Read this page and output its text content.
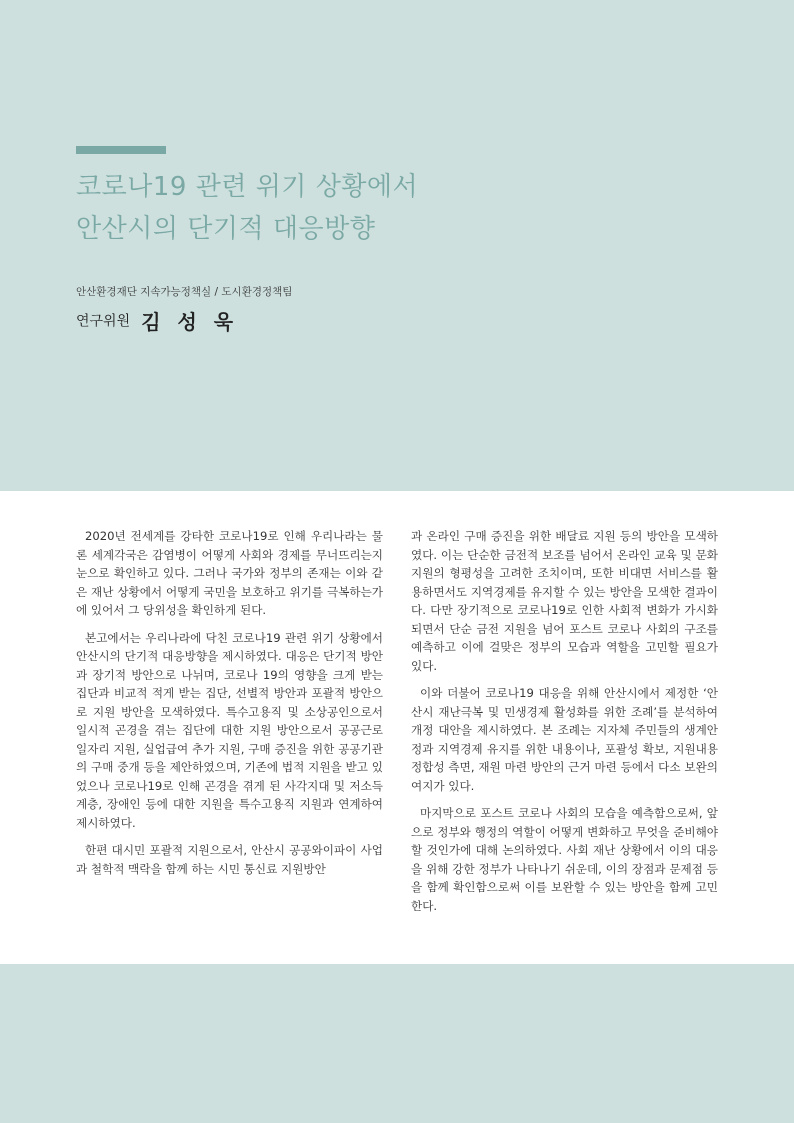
코로나19 관련 위기 상황에서
안산시의 단기적 대응방향
안산환경재단 지속가능정책실 / 도시환경정책팀
연구위원 김 성 욱

2020년 전세계를 강타한 코로나19로 인해 우리나라는 물론 세계각국은 감염병이 어떻게 사회와 경제를 무너뜨리는지 눈으로 확인하고 있다. 그러나 국가와 정부의 존재는 이와 같은 재난 상황에서 어떻게 국민을 보호하고 위기를 극복하는가에 있어서 그 당위성을 확인하게 된다.

본고에서는 우리나라에 닥친 코로나19 관련 위기 상황에서 안산시의 단기적 대응방향을 제시하였다. 대응은 단기적 방안과 장기적 방안으로 나뉘며, 코로나 19의 영향을 크게 받는 집단과 비교적 적게 받는 집단, 선별적 방안과 포괄적 방안으로 지원 방안을 모색하였다. 특수고용직 및 소상공인으로서 일시적 곤경을 겪는 집단에 대한 지원 방안으로서 공공근로 일자리 지원, 실업급여 추가 지원, 구매 증진을 위한 공공기관의 구매 중개 등을 제안하였으며, 기존에 법적 지원을 받고 있었으나 코로나19로 인해 곤경을 겪게 된 사각지대 및 저소득계층, 장애인 등에 대한 지원을 특수고용직 지원과 연계하여 제시하였다.

한편 대시민 포괄적 지원으로서, 안산시 공공와이파이 사업과 철학적 맥락을 함께 하는 시민 통신료 지원방안

과 온라인 구매 증진을 위한 배달료 지원 등의 방안을 모색하였다. 이는 단순한 금전적 보조를 넘어서 온라인 교육 및 문화 지원의 형평성을 고려한 조치이며, 또한 비대면 서비스를 활용하면서도 지역경제를 유지할 수 있는 방안을 모색한 결과이다. 다만 장기적으로 코로나19로 인한 사회적 변화가 가시화되면서 단순 금전 지원을 넘어 포스트 코로나 사회의 구조를 예측하고 이에 걸맞은 정부의 모습과 역할을 고민할 필요가 있다.

이와 더불어 코로나19 대응을 위해 안산시에서 제정한 ‘안산시 재난극복 및 민생경제 활성화를 위한 조례’를 분석하여 개정 대안을 제시하였다. 본 조례는 지자체 주민들의 생계안정과 지역경제 유지를 위한 내용이나, 포괄성 확보, 지원내용 정합성 측면, 재원 마련 방안의 근거 마련 등에서 다소 보완의 여지가 있다.

마지막으로 포스트 코로나 사회의 모습을 예측함으로써, 앞으로 정부와 행정의 역할이 어떻게 변화하고 무엇을 준비해야 할 것인가에 대해 논의하였다. 사회 재난 상황에서 이의 대응을 위해 강한 정부가 나타나기 쉬운데, 이의 장점과 문제점 등을 함께 확인함으로써 이를 보완할 수 있는 방안을 함께 고민한다.
